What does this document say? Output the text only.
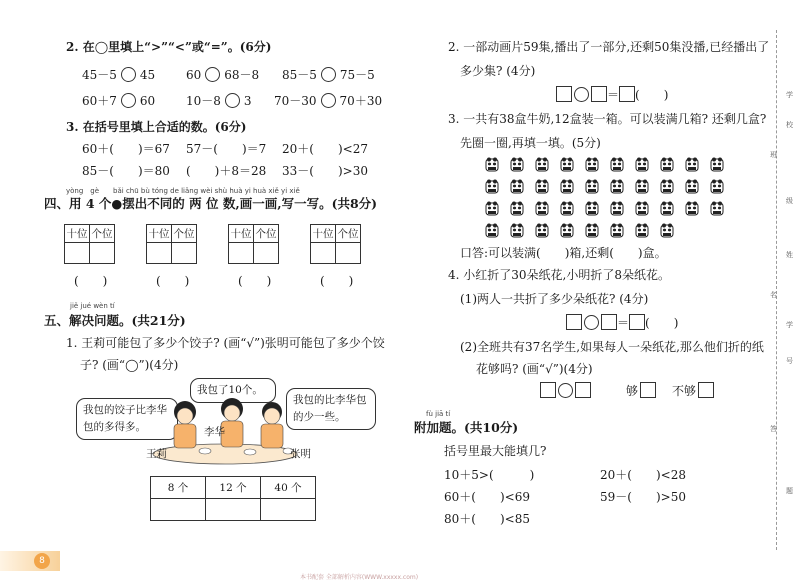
2. 在◯里填上“>”“<”或“=”。(6分)
45－5 45	60 68－8 85－5 75－5
60＋7 60	10－8 3 70－30 70＋30
3. 在括号里填上合适的数。(6分)
60＋(　　)＝67 57－(　　)＝7 20＋(　　)<27
85－(　　)＝80 (　　)＋8＝28 33－(　　)>30
yòng　gè　　bǎi chū bù tóng de liǎng wèi shù huà yi huà xiě yi xiě
四、用 4 个●摆出不同的 两 位 数,画一画,写一写。(共8分)
十位	个位
		十位	个位
		十位	个位
		十位	个位

(　　)	(　　)	(　　)	(　　)
jiě jué wèn tí
五、解决问题。(共21分)
1. 王莉可能包了多少个饺子? (画“√”)张明可能包了多少个饺
子? (画“◯”)(4分)
我包的饺子比李华包的多得多。
我包了10个。
我包的比李华包的少一些。
李华
王莉	张明
8 个	12 个	40 个

8
2. 一部动画片59集,播出了一部分,还剩50集没播,已经播出了
多少集? (4分)
＝ (　　)
3. 一共有38盒牛奶,12盒装一箱。可以装满几箱? 还剩几盒?
先圈一圈,再填一填。(5分)
口答:可以装满(　　)箱,还剩(　　)盒。
4. 小红折了30朵纸花,小明折了8朵纸花。
(1)两人一共折了多少朵纸花? (4分)
＝ (　　)
(2)全班共有37名学生,如果每人一朵纸花,那么他们折的纸
花够吗? (画“√”)(4分)
够	不够
fù jiā tí
附加题。(共10分)
括号里最大能填几?
10＋5>(　　　)	20＋(　　)<28
60＋(　　)<69	59－(　　)>50
80＋(　　)<85
学
校
班
级
姓
名
学
号
答
题
本书配套 全部解析内容(WWW.xxxxx.com)
